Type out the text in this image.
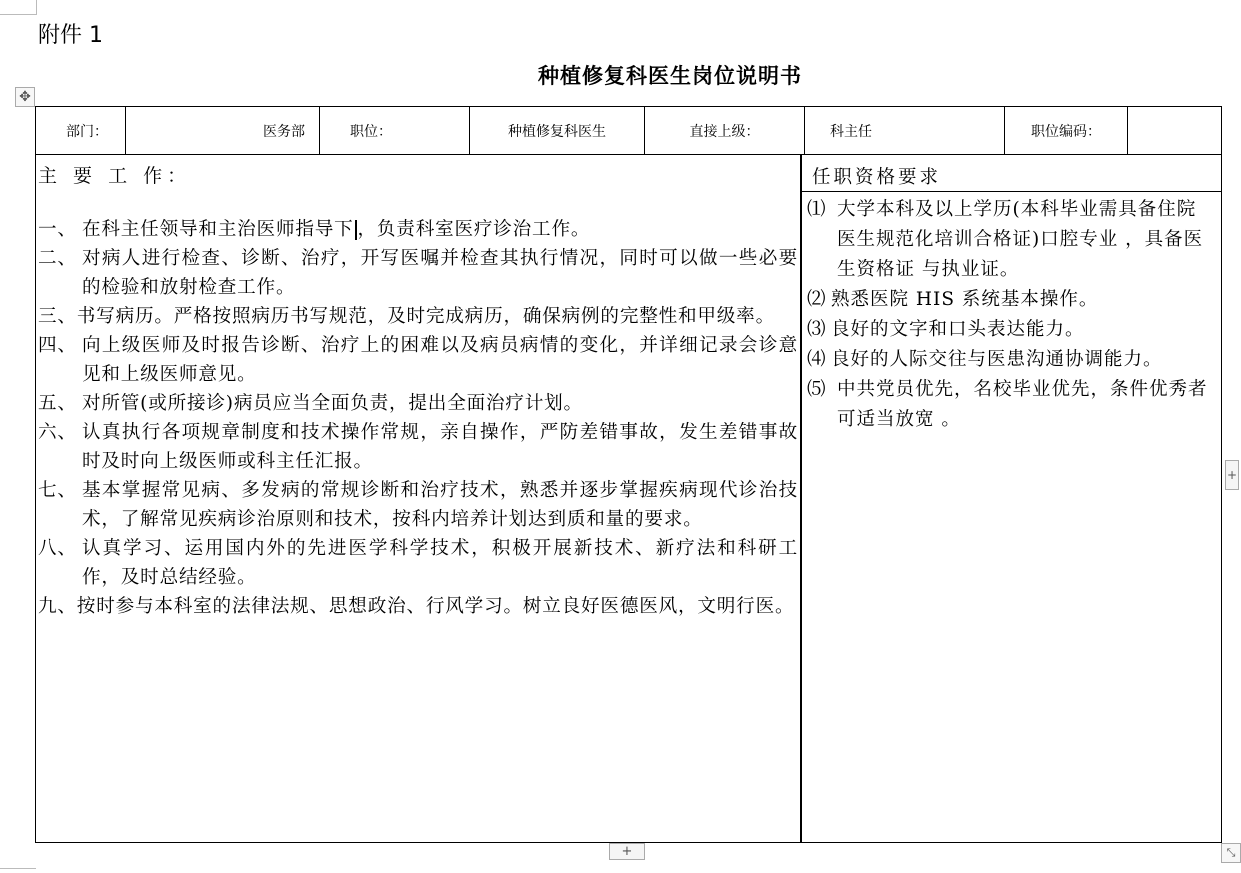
附件 1
种植修复科医生岗位说明书
✥
部门：	医务部	职位：	种植修复科医生	直接上级：	科主任	职位编码：	
主 要 工 作：
一、 在科主任领导和主治医师指导下 ，负责科室医疗诊治工作。
二、 对病人进行检查、诊断、治疗，开写医嘱并检查其执行情况，同时可以做一些必要的检验和放射检查工作。
三、书写病历。严格按照病历书写规范，及时完成病历，确保病例的完整性和甲级率。
四、 向上级医师及时报告诊断、治疗上的困难以及病员病情的变化，并详细记录会诊意见和上级医师意见。
五、 对所管(或所接诊)病员应当全面负责，提出全面治疗计划。
六、 认真执行各项规章制度和技术操作常规，亲自操作，严防差错事故，发生差错事故时及时向上级医师或科主任汇报。
七、 基本掌握常见病、多发病的常规诊断和治疗技术，熟悉并逐步掌握疾病现代诊治技术，了解常见疾病诊治原则和技术，按科内培养计划达到质和量的要求。
八、 认真学习、运用国内外的先进医学科学技术，积极开展新技术、新疗法和科研工作，及时总结经验。
九、按时参与本科室的法律法规、思想政治、行风学习。树立良好医德医风，文明行医。
任职资格要求
⑴ 大学本科及以上学历(本科毕业需具备住院医生规范化培训合格证)口腔专业 ，具备医生资格证 与执业证。
⑵ 熟悉医院 HIS 系统基本操作。
⑶ 良好的文字和口头表达能力。
⑷ 良好的人际交往与医患沟通协调能力。
⑸ 中共党员优先，名校毕业优先，条件优秀者可适当放宽 。
+
+	⤡
